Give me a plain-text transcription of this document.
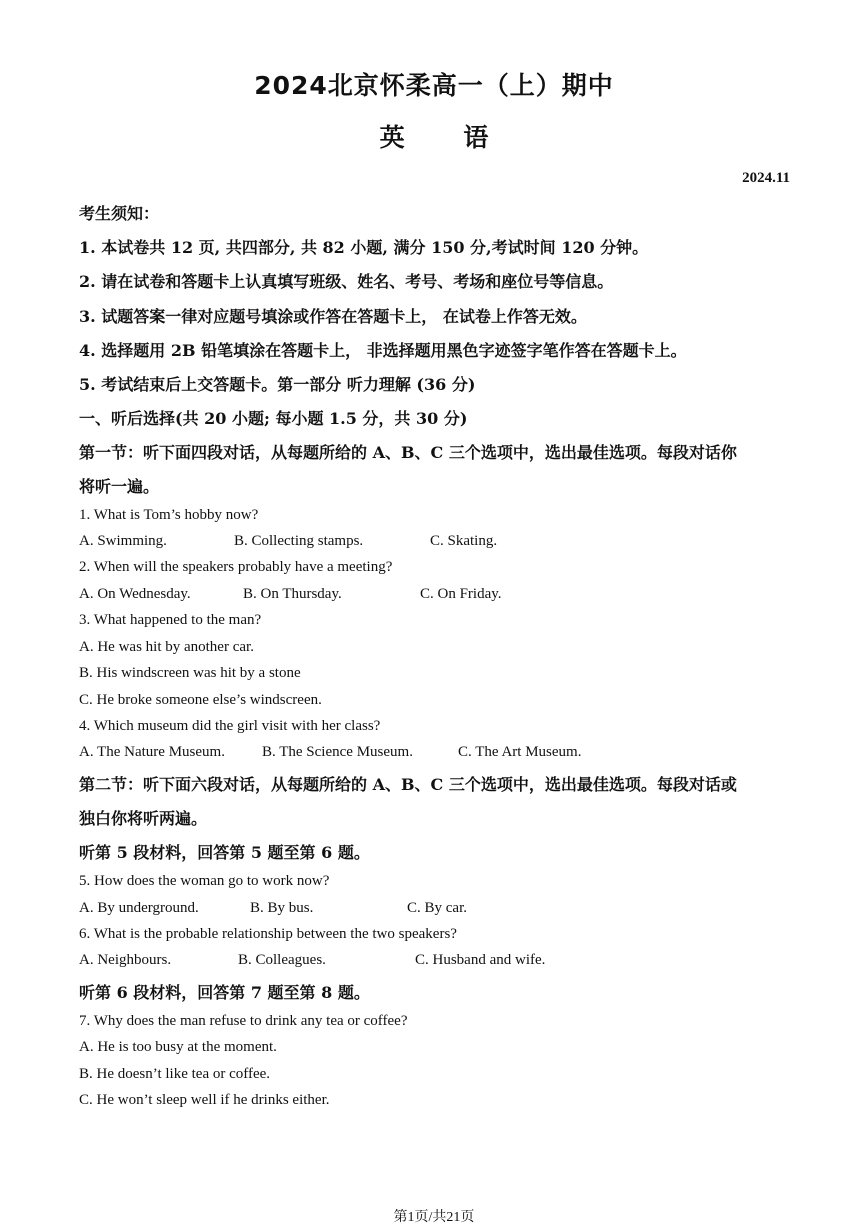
2024北京怀柔高一（上）期中
英 语
2024.11
考生须知：
1. 本试卷共 12 页, 共四部分, 共 82 小题, 满分 150 分,考试时间 120 分钟。
2. 请在试卷和答题卡上认真填写班级、姓名、考号、考场和座位号等信息。
3. 试题答案一律对应题号填涂或作答在答题卡上， 在试卷上作答无效。
4. 选择题用 2B 铅笔填涂在答题卡上， 非选择题用黑色字迹签字笔作答在答题卡上。
5. 考试结束后上交答题卡。第一部分 听力理解 (36 分)
一、听后选择(共 20 小题; 每小题 1.5 分，共 30 分)
第一节：听下面四段对话，从每题所给的 A、B、C 三个选项中，选出最佳选项。每段对话你
将听一遍。
1. What is Tom’s hobby now?
A. Swimming.	B. Collecting stamps.	C. Skating.
2. When will the speakers probably have a meeting?
A. On Wednesday.	B. On Thursday.	C. On Friday.
3. What happened to the man?
A. He was hit by another car.
B. His windscreen was hit by a stone
C. He broke someone else’s windscreen.
4. Which museum did the girl visit with her class?
A. The Nature Museum. B. The Science Museum.	C. The Art Museum.
第二节：听下面六段对话，从每题所给的 A、B、C 三个选项中，选出最佳选项。每段对话或
独白你将听两遍。
听第 5 段材料，回答第 5 题至第 6 题。
5. How does the woman go to work now?
A. By underground.	B. By bus.	C. By car.
6. What is the probable relationship between the two speakers?
A. Neighbours.	B. Colleagues.	C. Husband and wife.
听第 6 段材料，回答第 7 题至第 8 题。
7. Why does the man refuse to drink any tea or coffee?
A. He is too busy at the moment.
B. He doesn’t like tea or coffee.
C. He won’t sleep well if he drinks either.
第1页/共21页
